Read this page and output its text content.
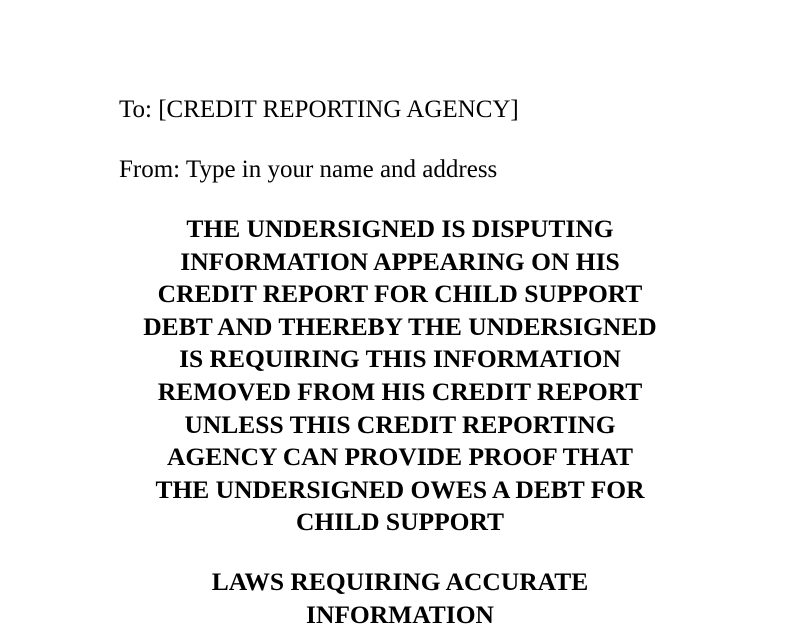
To: [CREDIT REPORTING AGENCY]
From: Type in your name and address
THE UNDERSIGNED IS DISPUTING
INFORMATION APPEARING ON HIS
CREDIT REPORT FOR CHILD SUPPORT
DEBT AND THEREBY THE UNDERSIGNED
IS REQUIRING THIS INFORMATION
REMOVED FROM HIS CREDIT REPORT
UNLESS THIS CREDIT REPORTING
AGENCY CAN PROVIDE PROOF THAT
THE UNDERSIGNED OWES A DEBT FOR
CHILD SUPPORT
LAWS REQUIRING ACCURATE
INFORMATION
